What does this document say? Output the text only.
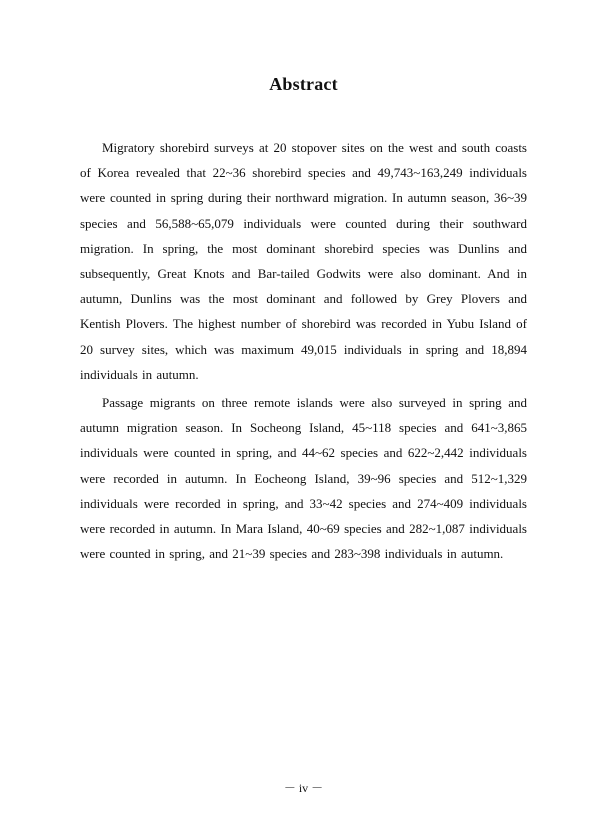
Abstract

Migratory shorebird surveys at 20 stopover sites on the west and south coasts of Korea revealed that 22~36 shorebird species and 49,743~163,249 individuals were counted in spring during their northward migration. In autumn season, 36~39 species and 56,588~65,079 individuals were counted during their southward migration. In spring, the most dominant shorebird species was Dunlins and subsequently, Great Knots and Bar-tailed Godwits were also dominant. And in autumn, Dunlins was the most dominant and followed by Grey Plovers and Kentish Plovers. The highest number of shorebird was recorded in Yubu Island of 20 survey sites, which was maximum 49,015 individuals in spring and 18,894 individuals in autumn.

Passage migrants on three remote islands were also surveyed in spring and autumn migration season. In Socheong Island, 45~118 species and 641~3,865 individuals were counted in spring, and 44~62 species and 622~2,442 individuals were recorded in autumn. In Eocheong Island, 39~96 species and 512~1,329 individuals were recorded in spring, and 33~42 species and 274~409 individuals were recorded in autumn. In Mara Island, 40~69 species and 282~1,087 individuals were counted in spring, and 21~39 species and 283~398 individuals in autumn.

－ iv －
